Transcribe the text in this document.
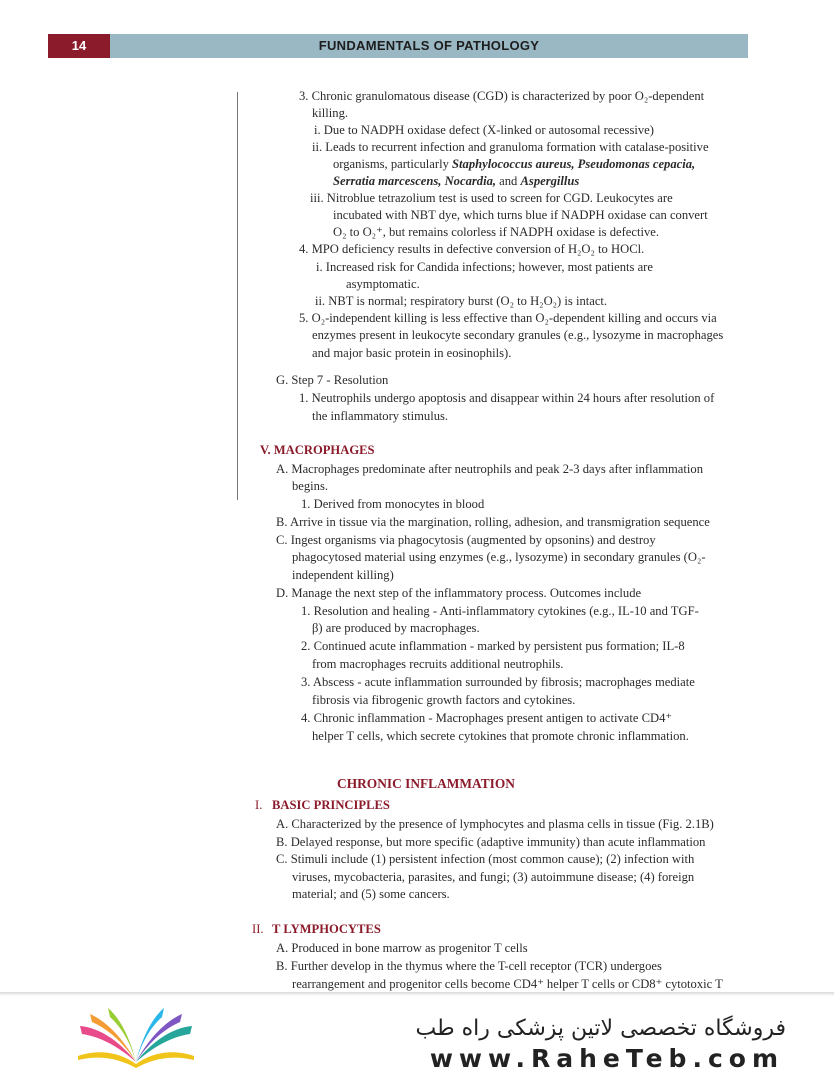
14	FUNDAMENTALS OF PATHOLOGY
3. Chronic granulomatous disease (CGD) is characterized by poor O₂-dependent
killing.
i. Due to NADPH oxidase defect (X-linked or autosomal recessive)
ii. Leads to recurrent infection and granuloma formation with catalase-positive
organisms, particularly Staphylococcus aureus, Pseudomonas cepacia,
Serratia marcescens, Nocardia, and Aspergillus
iii. Nitroblue tetrazolium test is used to screen for CGD. Leukocytes are
incubated with NBT dye, which turns blue if NADPH oxidase can convert
O₂ to O₂⁺, but remains colorless if NADPH oxidase is defective.
4. MPO deficiency results in defective conversion of H₂O₂ to HOCl.
i. Increased risk for Candida infections; however, most patients are
asymptomatic.
ii. NBT is normal; respiratory burst (O₂ to H₂O₂) is intact.
5. O₂-independent killing is less effective than O₂-dependent killing and occurs via
enzymes present in leukocyte secondary granules (e.g., lysozyme in macrophages
and major basic protein in eosinophils).
G. Step 7 - Resolution
1. Neutrophils undergo apoptosis and disappear within 24 hours after resolution of
the inflammatory stimulus.
V. MACROPHAGES
A. Macrophages predominate after neutrophils and peak 2-3 days after inflammation
begins.
1. Derived from monocytes in blood
B. Arrive in tissue via the margination, rolling, adhesion, and transmigration sequence
C. Ingest organisms via phagocytosis (augmented by opsonins) and destroy
phagocytosed material using enzymes (e.g., lysozyme) in secondary granules (O₂-
independent killing)
D. Manage the next step of the inflammatory process. Outcomes include
1. Resolution and healing - Anti-inflammatory cytokines (e.g., IL-10 and TGF-
β) are produced by macrophages.
2. Continued acute inflammation - marked by persistent pus formation; IL-8
from macrophages recruits additional neutrophils.
3. Abscess - acute inflammation surrounded by fibrosis; macrophages mediate
fibrosis via fibrogenic growth factors and cytokines.
4. Chronic inflammation - Macrophages present antigen to activate CD4⁺
helper T cells, which secrete cytokines that promote chronic inflammation.
CHRONIC INFLAMMATION
I. BASIC PRINCIPLES
A. Characterized by the presence of lymphocytes and plasma cells in tissue (Fig. 2.1B)
B. Delayed response, but more specific (adaptive immunity) than acute inflammation
C. Stimuli include (1) persistent infection (most common cause); (2) infection with
viruses, mycobacteria, parasites, and fungi; (3) autoimmune disease; (4) foreign
material; and (5) some cancers.
II. T LYMPHOCYTES
A. Produced in bone marrow as progenitor T cells
B. Further develop in the thymus where the T-cell receptor (TCR) undergoes
rearrangement and progenitor cells become CD4⁺ helper T cells or CD8⁺ cytotoxic T
فروشگاه تخصصی لاتین پزشکی راه طب
www.RaheTeb.com
